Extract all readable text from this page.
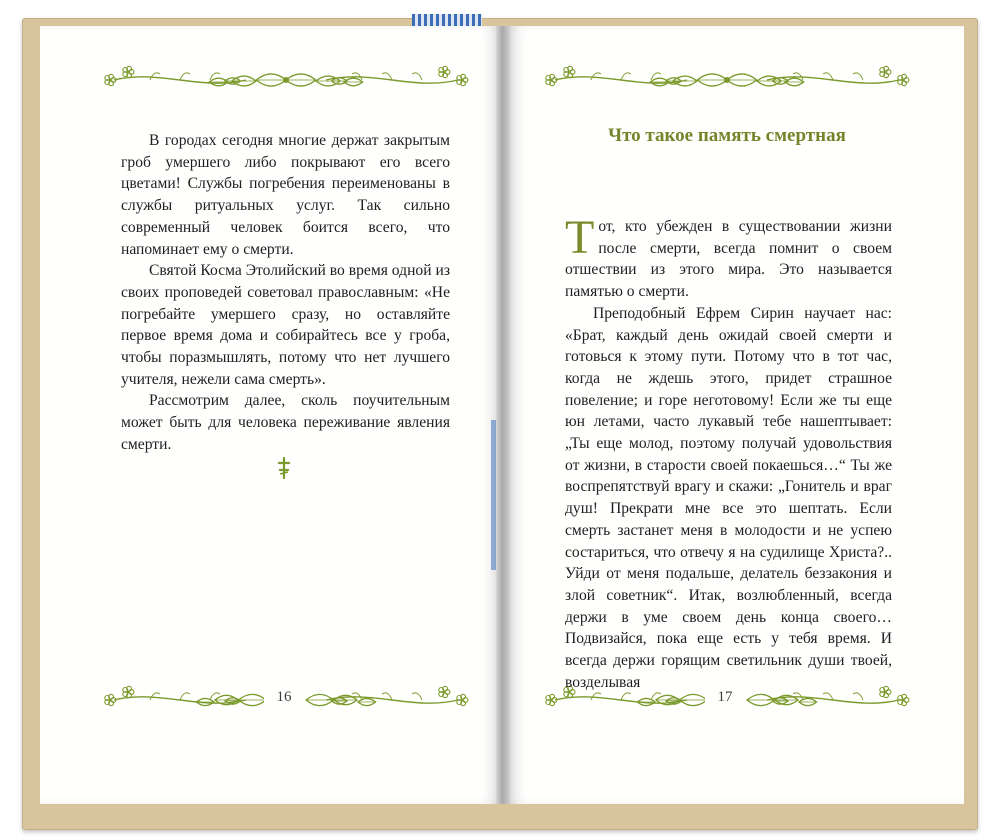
16	17

В городах сегодня многие держат закрытым гроб умершего либо покрывают его всего цветами! Службы погребения переименованы в службы ритуальных услуг. Так сильно современный человек боится всего, что напоминает ему о смерти.

Святой Косма Этолийский во время одной из своих проповедей советовал православным: «Не погребайте умершего сразу, но оставляйте первое время дома и собирайтесь все у гроба, чтобы поразмышлять, потому что нет лучшего учителя, нежели сама смерть».

Рассмотрим далее, сколь поучительным может быть для человека переживание явления смерти.

Что такое память смертная

Тот, кто убежден в существовании жизни после смерти, всегда помнит о своем отшествии из этого мира. Это называется памятью о смерти.

Преподобный Ефрем Сирин научает нас: «Брат, каждый день ожидай своей смерти и готовься к этому пути. Потому что в тот час, когда не ждешь этого, придет страшное повеление; и горе неготовому! Если же ты еще юн летами, часто лукавый тебе нашептывает: „Ты еще молод, поэтому получай удовольствия от жизни, в старости своей покаешься…“ Ты же воспрепятствуй врагу и скажи: „Гонитель и враг душ! Прекрати мне все это шептать. Если смерть застанет меня в молодости и не успею состариться, что отвечу я на судилище Христа?.. Уйди от меня подальше, делатель беззакония и злой советник“. Итак, возлюбленный, всегда держи в уме своем день конца своего… Подвизайся, пока еще есть у тебя время. И всегда держи горящим светильник души твоей, возделывая
